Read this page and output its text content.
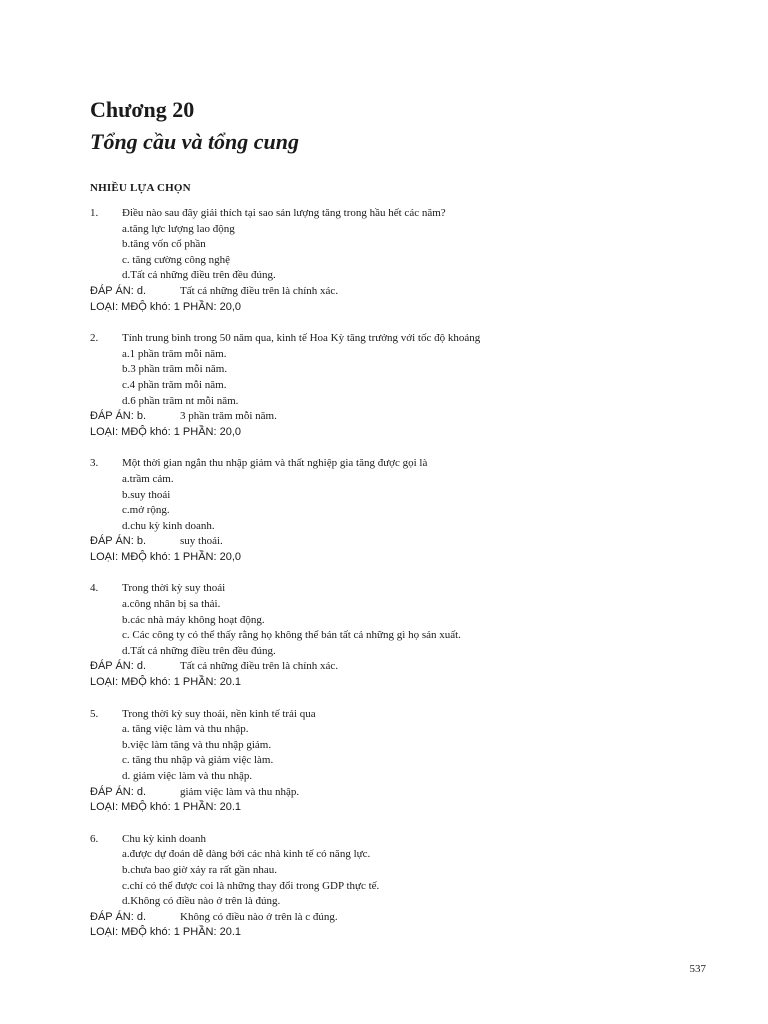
Chương 20
Tổng cầu và tổng cung
NHIỀU LỰA CHỌN
1.	Điều nào sau đây giải thích tại sao sản lượng tăng trong hầu hết các năm?
a.tăng lực lượng lao động
b.tăng vốn cổ phần
c. tăng cường công nghệ
d.Tất cả những điều trên đều đúng.
ĐÁP ÁN: d.	Tất cả những điều trên là chính xác.
LOẠI: MĐỘ khó: 1 PHẦN: 20,0
2.	Tính trung bình trong 50 năm qua, kinh tế Hoa Kỳ tăng trưởng với tốc độ khoảng
a.1 phần trăm mỗi năm.
b.3 phần trăm mỗi năm.
c.4 phần trăm mỗi năm.
d.6 phần trăm nt mỗi năm.
ĐÁP ÁN: b.	3 phần trăm mỗi năm.
LOẠI: MĐỘ khó: 1 PHẦN: 20,0
3.	Một thời gian ngắn thu nhập giảm và thất nghiệp gia tăng được gọi là
a.trầm cảm.
b.suy thoái
c.mở rộng.
d.chu kỳ kinh doanh.
ĐÁP ÁN: b.	suy thoái.
LOẠI: MĐỘ khó: 1 PHẦN: 20,0
4.	Trong thời kỳ suy thoái
a.công nhân bị sa thải.
b.các nhà máy không hoạt động.
c. Các công ty có thể thấy rằng họ không thể bán tất cả những gì họ sản xuất.
d.Tất cả những điều trên đều đúng.
ĐÁP ÁN: d.	Tất cả những điều trên là chính xác.
LOẠI: MĐỘ khó: 1 PHẦN: 20.1
5.	Trong thời kỳ suy thoái, nền kinh tế trải qua
a. tăng việc làm và thu nhập.
b.việc làm tăng và thu nhập giảm.
c. tăng thu nhập và giảm việc làm.
d. giảm việc làm và thu nhập.
ĐÁP ÁN: d.	giảm việc làm và thu nhập.
LOẠI: MĐỘ khó: 1 PHẦN: 20.1
6.	Chu kỳ kinh doanh
a.được dự đoán dễ dàng bởi các nhà kinh tế có năng lực.
b.chưa bao giờ xảy ra rất gần nhau.
c.chỉ có thể được coi là những thay đổi trong GDP thực tế.
d.Không có điều nào ở trên là đúng.
ĐÁP ÁN: d.	Không có điều nào ở trên là c đúng.
LOẠI: MĐỘ khó: 1 PHẦN: 20.1
537
